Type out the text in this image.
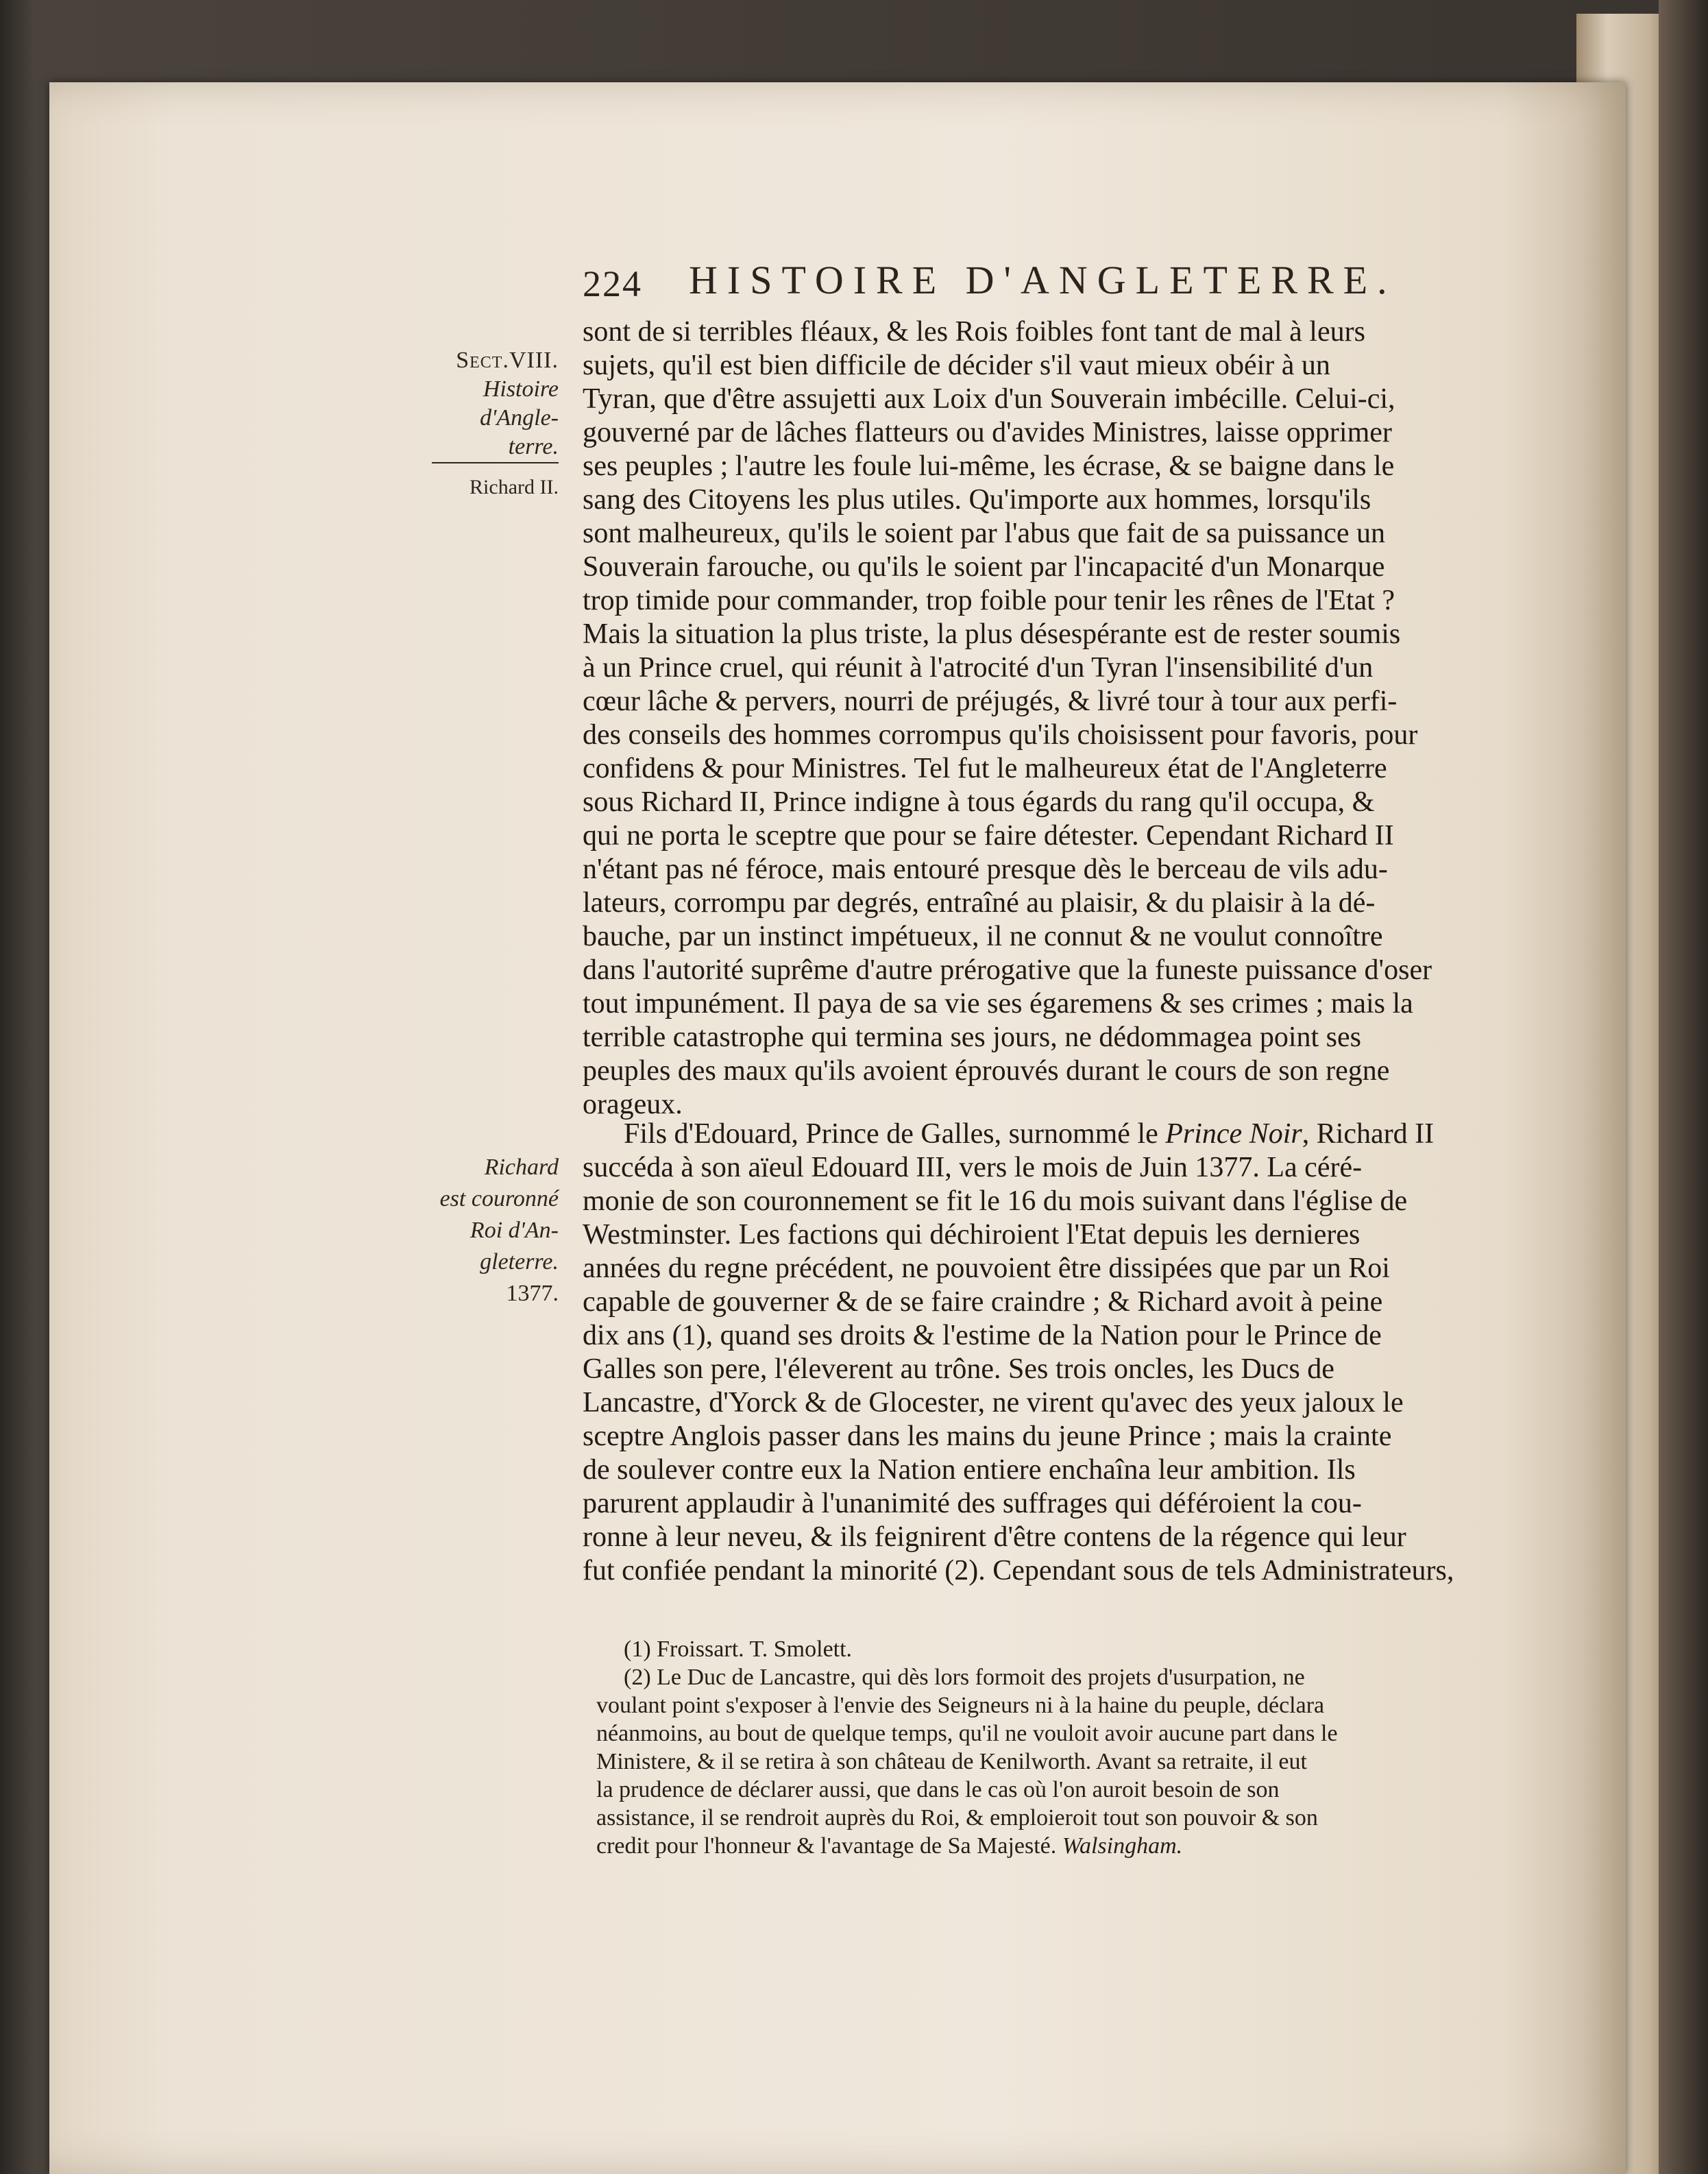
224 HISTOIRE D'ANGLETERRE.
Sect.VIII.
Histoire
d'Angle-
terre.
Richard II.
Richard
est couronné
Roi d'An-
gleterre.
1377.
sont de si terribles fléaux, & les Rois foibles font tant de mal à leurs
sujets, qu'il est bien difficile de décider s'il vaut mieux obéir à un
Tyran, que d'être assujetti aux Loix d'un Souverain imbécille. Celui-ci,
gouverné par de lâches flatteurs ou d'avides Ministres, laisse opprimer
ses peuples ; l'autre les foule lui-même, les écrase, & se baigne dans le
sang des Citoyens les plus utiles. Qu'importe aux hommes, lorsqu'ils
sont malheureux, qu'ils le soient par l'abus que fait de sa puissance un
Souverain farouche, ou qu'ils le soient par l'incapacité d'un Monarque
trop timide pour commander, trop foible pour tenir les rênes de l'Etat ?
Mais la situation la plus triste, la plus désespérante est de rester soumis
à un Prince cruel, qui réunit à l'atrocité d'un Tyran l'insensibilité d'un
cœur lâche & pervers, nourri de préjugés, & livré tour à tour aux perfi-
des conseils des hommes corrompus qu'ils choisissent pour favoris, pour
confidens & pour Ministres. Tel fut le malheureux état de l'Angleterre
sous Richard II, Prince indigne à tous égards du rang qu'il occupa, &
qui ne porta le sceptre que pour se faire détester. Cependant Richard II
n'étant pas né féroce, mais entouré presque dès le berceau de vils adu-
lateurs, corrompu par degrés, entraîné au plaisir, & du plaisir à la dé-
bauche, par un instinct impétueux, il ne connut & ne voulut connoître
dans l'autorité suprême d'autre prérogative que la funeste puissance d'oser
tout impunément. Il paya de sa vie ses égaremens & ses crimes ; mais la
terrible catastrophe qui termina ses jours, ne dédommagea point ses
peuples des maux qu'ils avoient éprouvés durant le cours de son regne
orageux.
Fils d'Edouard, Prince de Galles, surnommé le Prince Noir, Richard II
succéda à son aïeul Edouard III, vers le mois de Juin 1377. La céré-
monie de son couronnement se fit le 16 du mois suivant dans l'église de
Westminster. Les factions qui déchiroient l'Etat depuis les dernieres
années du regne précédent, ne pouvoient être dissipées que par un Roi
capable de gouverner & de se faire craindre ; & Richard avoit à peine
dix ans (1), quand ses droits & l'estime de la Nation pour le Prince de
Galles son pere, l'éleverent au trône. Ses trois oncles, les Ducs de
Lancastre, d'Yorck & de Glocester, ne virent qu'avec des yeux jaloux le
sceptre Anglois passer dans les mains du jeune Prince ; mais la crainte
de soulever contre eux la Nation entiere enchaîna leur ambition. Ils
parurent applaudir à l'unanimité des suffrages qui déféroient la cou-
ronne à leur neveu, & ils feignirent d'être contens de la régence qui leur
fut confiée pendant la minorité (2). Cependant sous de tels Administrateurs,
(1) Froissart. T. Smolett.
(2) Le Duc de Lancastre, qui dès lors formoit des projets d'usurpation, ne
voulant point s'exposer à l'envie des Seigneurs ni à la haine du peuple, déclara
néanmoins, au bout de quelque temps, qu'il ne vouloit avoir aucune part dans le
Ministere, & il se retira à son château de Kenilworth. Avant sa retraite, il eut
la prudence de déclarer aussi, que dans le cas où l'on auroit besoin de son
assistance, il se rendroit auprès du Roi, & emploieroit tout son pouvoir & son
credit pour l'honneur & l'avantage de Sa Majesté. Walsingham.
